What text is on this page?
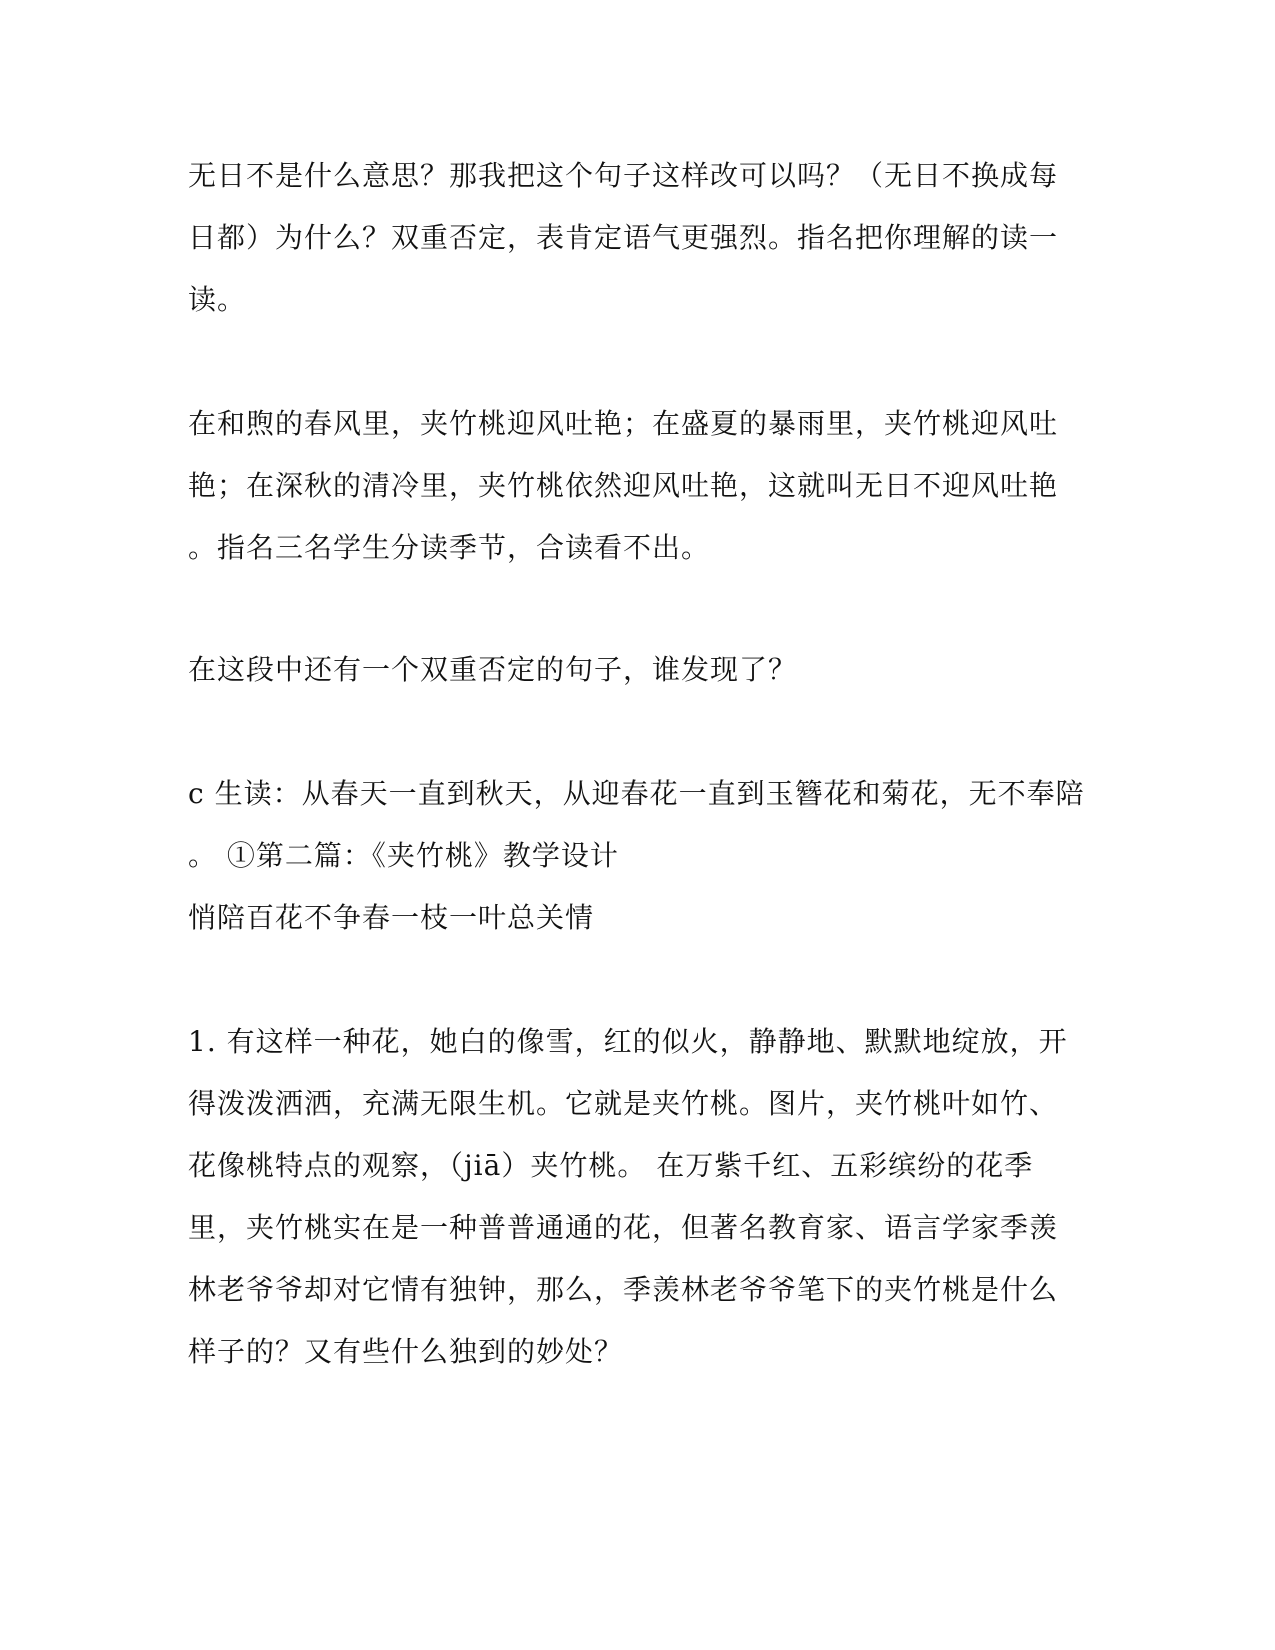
无日不是什么意思？那我把这个句子这样改可以吗？（无日不换成每
日都）为什么？双重否定，表肯定语气更强烈。指名把你理解的读一
读。
在和煦的春风里，夹竹桃迎风吐艳；在盛夏的暴雨里，夹竹桃迎风吐
艳；在深秋的清冷里，夹竹桃依然迎风吐艳，这就叫无日不迎风吐艳
。指名三名学生分读季节，合读看不出。
在这段中还有一个双重否定的句子，谁发现了？
c 生读：从春天一直到秋天，从迎春花一直到玉簪花和菊花，无不奉陪
。 ①第二篇：《夹竹桃》教学设计
悄陪百花不争春一枝一叶总关情
1. 有这样一种花，她白的像雪，红的似火，静静地、默默地绽放，开
得泼泼洒洒，充满无限生机。它就是夹竹桃。图片，夹竹桃叶如竹、
花像桃特点的观察，（jiā）夹竹桃。 在万紫千红、五彩缤纷的花季
里，夹竹桃实在是一种普普通通的花，但著名教育家、语言学家季羡
林老爷爷却对它情有独钟，那么，季羡林老爷爷笔下的夹竹桃是什么
样子的？又有些什么独到的妙处？
